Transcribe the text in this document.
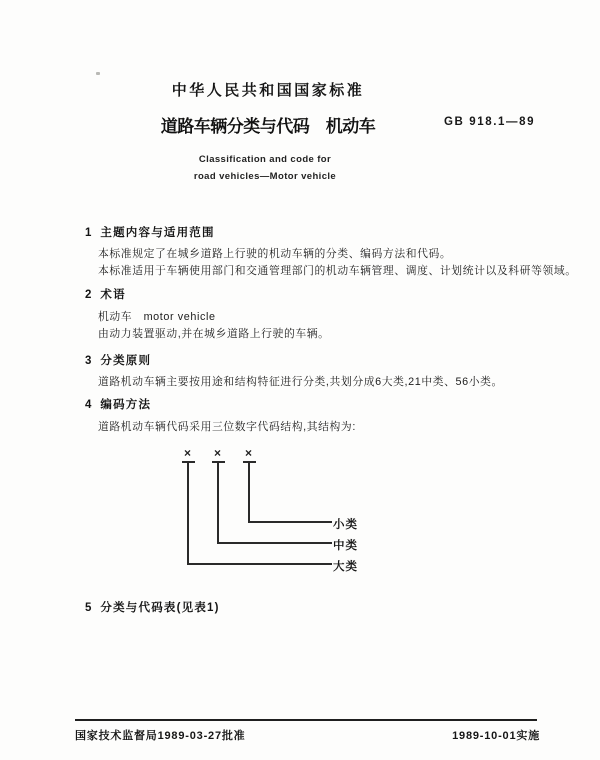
中华人民共和国国家标准
道路车辆分类与代码　机动车	GB 918.1—89
Classification and code for
road vehicles—Motor vehicle
1 主题内容与适用范围
本标准规定了在城乡道路上行驶的机动车辆的分类、编码方法和代码。
本标准适用于车辆使用部门和交通管理部门的机动车辆管理、调度、计划统计以及科研等领域。
2 术语
机动车　motor vehicle
由动力装置驱动,并在城乡道路上行驶的车辆。
3 分类原则
道路机动车辆主要按用途和结构特征进行分类,共划分成6大类,21中类、56小类。
4 编码方法
道路机动车辆代码采用三位数字代码结构,其结构为:
× × ×
小类
中类
大类
5 分类与代码表(见表1)
国家技术监督局1989-03-27批准	1989-10-01实施
